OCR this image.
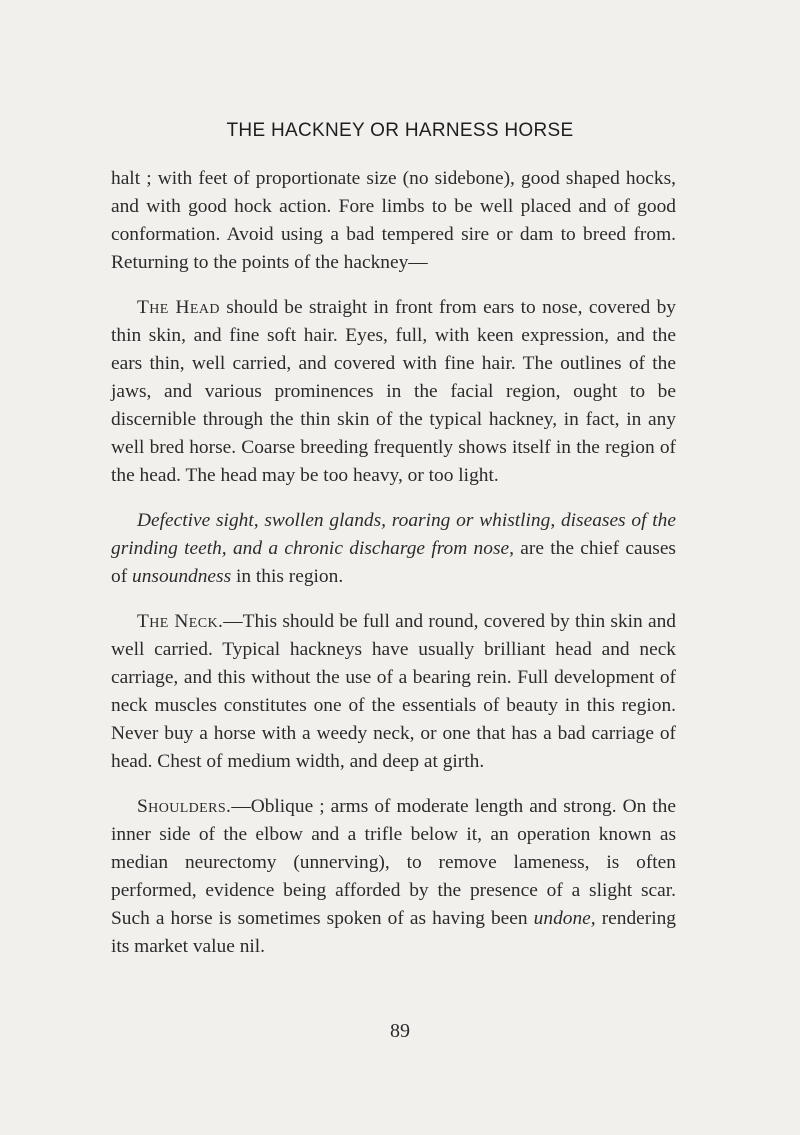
THE HACKNEY OR HARNESS HORSE

halt ; with feet of proportionate size (no sidebone), good shaped hocks, and with good hock action. Fore limbs to be well placed and of good conformation. Avoid using a bad tempered sire or dam to breed from. Returning to the points of the hackney—

The Head should be straight in front from ears to nose, covered by thin skin, and fine soft hair. Eyes, full, with keen expression, and the ears thin, well carried, and covered with fine hair. The outlines of the jaws, and various prominences in the facial region, ought to be discernible through the thin skin of the typical hackney, in fact, in any well bred horse. Coarse breeding frequently shows itself in the region of the head. The head may be too heavy, or too light.

Defective sight, swollen glands, roaring or whistling, diseases of the grinding teeth, and a chronic discharge from nose, are the chief causes of unsoundness in this region.

The Neck.—This should be full and round, covered by thin skin and well carried. Typical hackneys have usually brilliant head and neck carriage, and this without the use of a bearing rein. Full development of neck muscles constitutes one of the essentials of beauty in this region. Never buy a horse with a weedy neck, or one that has a bad carriage of head. Chest of medium width, and deep at girth.

Shoulders.—Oblique ; arms of moderate length and strong. On the inner side of the elbow and a trifle below it, an operation known as median neurectomy (unnerving), to remove lameness, is often performed, evidence being afforded by the presence of a slight scar. Such a horse is sometimes spoken of as having been undone, rendering its market value nil.

89
